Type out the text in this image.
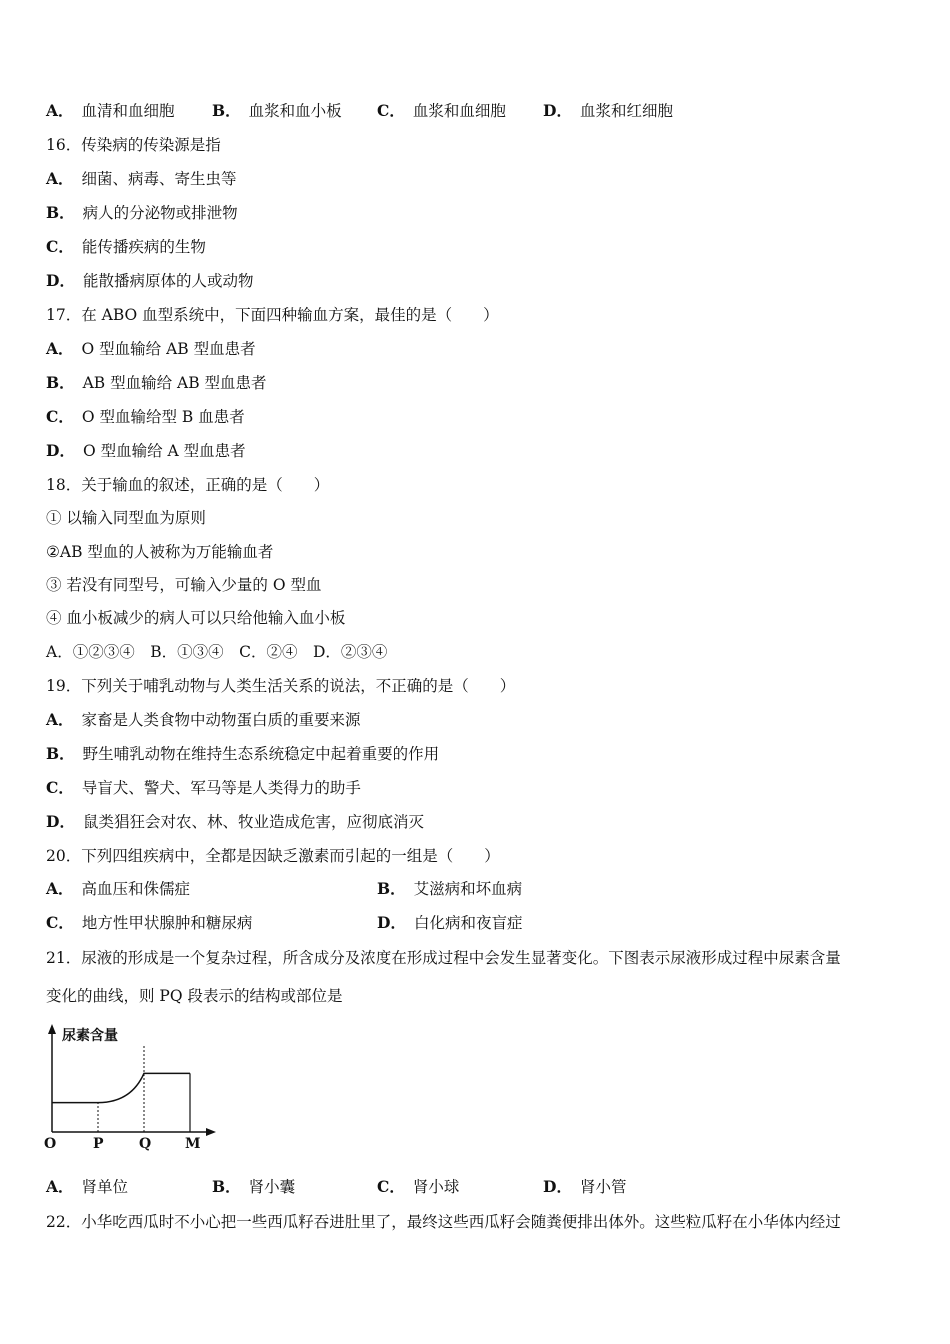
A． 血清和血细胞 B． 血浆和血小板 C． 血浆和血细胞 D． 血浆和红细胞
16．传染病的传染源是指
A． 细菌、病毒、寄生虫等
B． 病人的分泌物或排泄物
C． 能传播疾病的生物
D． 能散播病原体的人或动物
17．在 ABO 血型系统中，下面四种输血方案，最佳的是（　　）
A． O 型血输给 AB 型血患者
B． AB 型血输给 AB 型血患者
C． O 型血输给型 B 血患者
D． O 型血输给 A 型血患者
18．关于输血的叙述，正确的是（　　）
① 以输入同型血为原则
②AB 型血的人被称为万能输血者
③ 若没有同型号，可输入少量的 O 型血
④ 血小板减少的病人可以只给他输入血小板
A．①②③④　B．①③④　C．②④　D．②③④
19．下列关于哺乳动物与人类生活关系的说法，不正确的是（　　）
A． 家畜是人类食物中动物蛋白质的重要来源
B． 野生哺乳动物在维持生态系统稳定中起着重要的作用
C． 导盲犬、警犬、军马等是人类得力的助手
D． 鼠类猖狂会对农、林、牧业造成危害，应彻底消灭
20．下列四组疾病中，全都是因缺乏激素而引起的一组是（　　）
A． 高血压和侏儒症	B． 艾滋病和坏血病
C． 地方性甲状腺肿和糖尿病	D． 白化病和夜盲症
21．尿液的形成是一个复杂过程，所含成分及浓度在形成过程中会发生显著变化。下图表示尿液形成过程中尿素含量
变化的曲线，则 PQ 段表示的结构或部位是
尿素含量
O	P	Q M
A． 肾单位	B． 肾小囊	C． 肾小球	D． 肾小管
22．小华吃西瓜时不小心把一些西瓜籽吞进肚里了，最终这些西瓜籽会随粪便排出体外。这些粒瓜籽在小华体内经过
